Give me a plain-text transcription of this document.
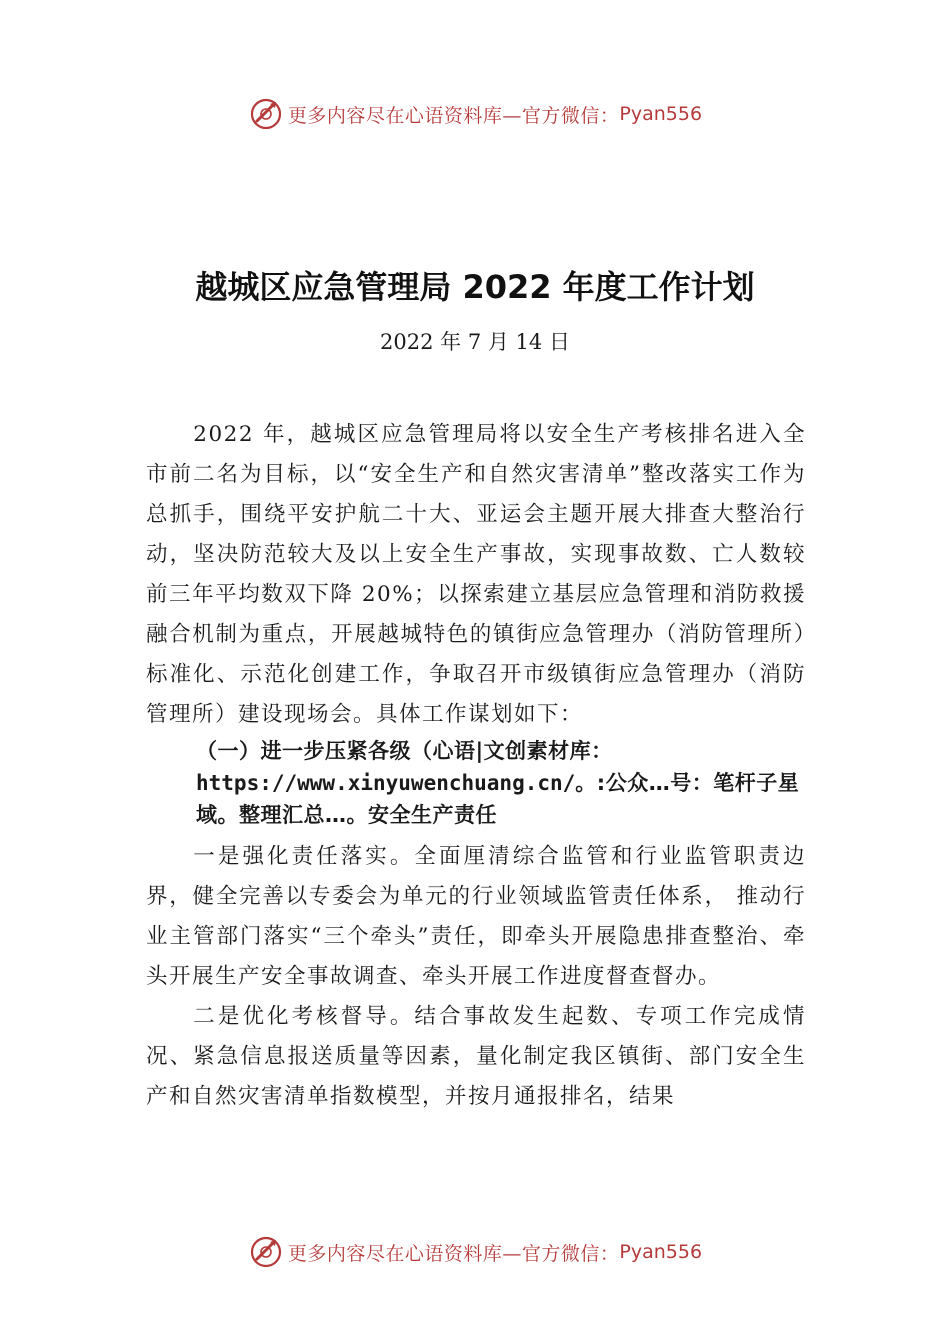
更多内容尽在心语资料库—官方微信： Pyan556
越城区应急管理局 2022 年度工作计划
2022 年 7 月 14 日

2022 年，越城区应急管理局将以安全生产考核排名进入全市前二名为目标，以“安全生产和自然灾害清单”整改落实工作为总抓手，围绕平安护航二十大、亚运会主题开展大排查大整治行动，坚决防范较大及以上安全生产事故，实现事故数、亡人数较前三年平均数双下降 20%；以探索建立基层应急管理和消防救援融合机制为重点，开展越城特色的镇街应急管理办（消防管理所）标准化、示范化创建工作，争取召开市级镇街应急管理办（消防管理所）建设现场会。具体工作谋划如下：

（一）进一步压紧各级（心语|文创素材库：https://www.xinyuwenchuang.cn/。:公众…号：笔杆子星域。整理汇总…。安全生产责任

一是强化责任落实。全面厘清综合监管和行业监管职责边界，健全完善以专委会为单元的行业领域监管责任体系， 推动行业主管部门落实“三个牵头”责任，即牵头开展隐患排查整治、牵头开展生产安全事故调查、牵头开展工作进度督查督办。

二是优化考核督导。结合事故发生起数、专项工作完成情况、紧急信息报送质量等因素，量化制定我区镇街、部门安全生产和自然灾害清单指数模型，并按月通报排名，结果

更多内容尽在心语资料库—官方微信： Pyan556
